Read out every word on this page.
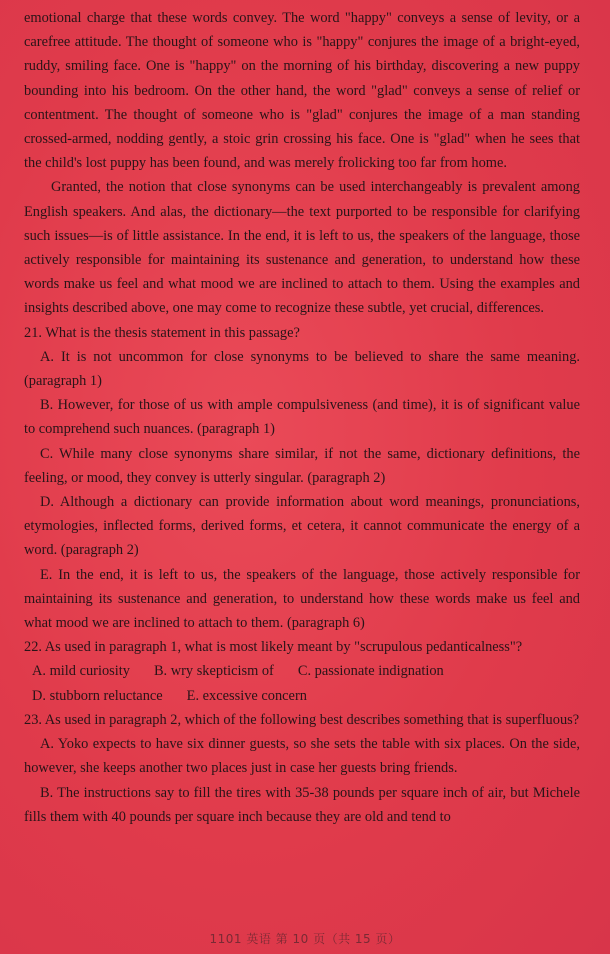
emotional charge that these words convey. The word "happy" conveys a sense of levity, or a carefree attitude. The thought of someone who is "happy" conjures the image of a bright-eyed, ruddy, smiling face. One is "happy" on the morning of his birthday, discovering a new puppy bounding into his bedroom. On the other hand, the word "glad" conveys a sense of relief or contentment. The thought of someone who is "glad" conjures the image of a man standing crossed-armed, nodding gently, a stoic grin crossing his face. One is "glad" when he sees that the child's lost puppy has been found, and was merely frolicking too far from home.

Granted, the notion that close synonyms can be used interchangeably is prevalent among English speakers. And alas, the dictionary—the text purported to be responsible for clarifying such issues—is of little assistance. In the end, it is left to us, the speakers of the language, those actively responsible for maintaining its sustenance and generation, to understand how these words make us feel and what mood we are inclined to attach to them. Using the examples and insights described above, one may come to recognize these subtle, yet crucial, differences.

21. What is the thesis statement in this passage?

A. It is not uncommon for close synonyms to be believed to share the same meaning. (paragraph 1)

B. However, for those of us with ample compulsiveness (and time), it is of significant value to comprehend such nuances. (paragraph 1)

C. While many close synonyms share similar, if not the same, dictionary definitions, the feeling, or mood, they convey is utterly singular. (paragraph 2)

D. Although a dictionary can provide information about word meanings, pronunciations, etymologies, inflected forms, derived forms, et cetera, it cannot communicate the energy of a word. (paragraph 2)

E. In the end, it is left to us, the speakers of the language, those actively responsible for maintaining its sustenance and generation, to understand how these words make us feel and what mood we are inclined to attach to them. (paragraph 6)

22. As used in paragraph 1, what is most likely meant by "scrupulous pedanticalness"?

A. mild curiosity B. wry skepticism of C. passionate indignation
D. stubborn reluctance E. excessive concern

23. As used in paragraph 2, which of the following best describes something that is superfluous?

A. Yoko expects to have six dinner guests, so she sets the table with six places. On the side, however, she keeps another two places just in case her guests bring friends.

B. The instructions say to fill the tires with 35-38 pounds per square inch of air, but Michele fills them with 40 pounds per square inch because they are old and tend to

1101 英语 第 10 页（共 15 页）
